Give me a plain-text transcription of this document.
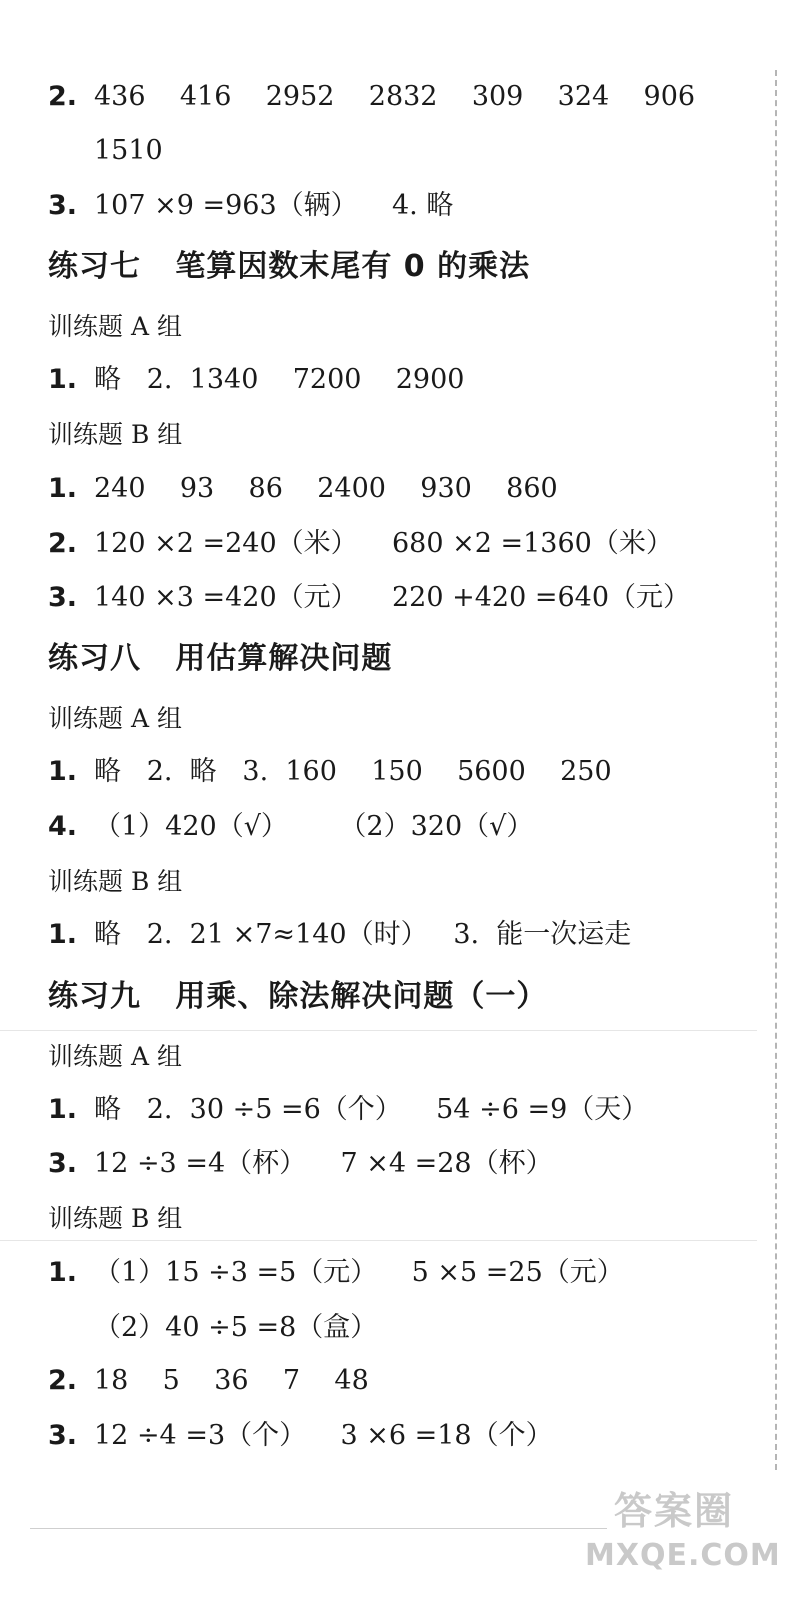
2. 436    416    2952    2832    309    324    906
1510
3. 107 ×9 =963（辆）    4. 略
练习七   笔算因数末尾有 0 的乘法
训练题 A 组
1. 略   2.  1340    7200    2900
训练题 B 组
1. 240    93    86    2400    930    860
2. 120 ×2 =240（米）    680 ×2 =1360（米）
3. 140 ×3 =420（元）    220 +420 =640（元）
练习八   用估算解决问题
训练题 A 组
1. 略   2.  略   3.  160    150    5600    250
4. （1）420（√）      （2）320（√）
训练题 B 组
1. 略   2.  21 ×7≈140（时）   3.  能一次运走
练习九   用乘、除法解决问题（一）
训练题 A 组
1. 略   2.  30 ÷5 =6（个）    54 ÷6 =9（天）
3. 12 ÷3 =4（杯）    7 ×4 =28（杯）
训练题 B 组
1. （1）15 ÷3 =5（元）    5 ×5 =25（元）
（2）40 ÷5 =8（盒）
2. 18    5    36    7    48
3. 12 ÷4 =3（个）    3 ×6 =18（个）
答案圈
MXQE.COM
